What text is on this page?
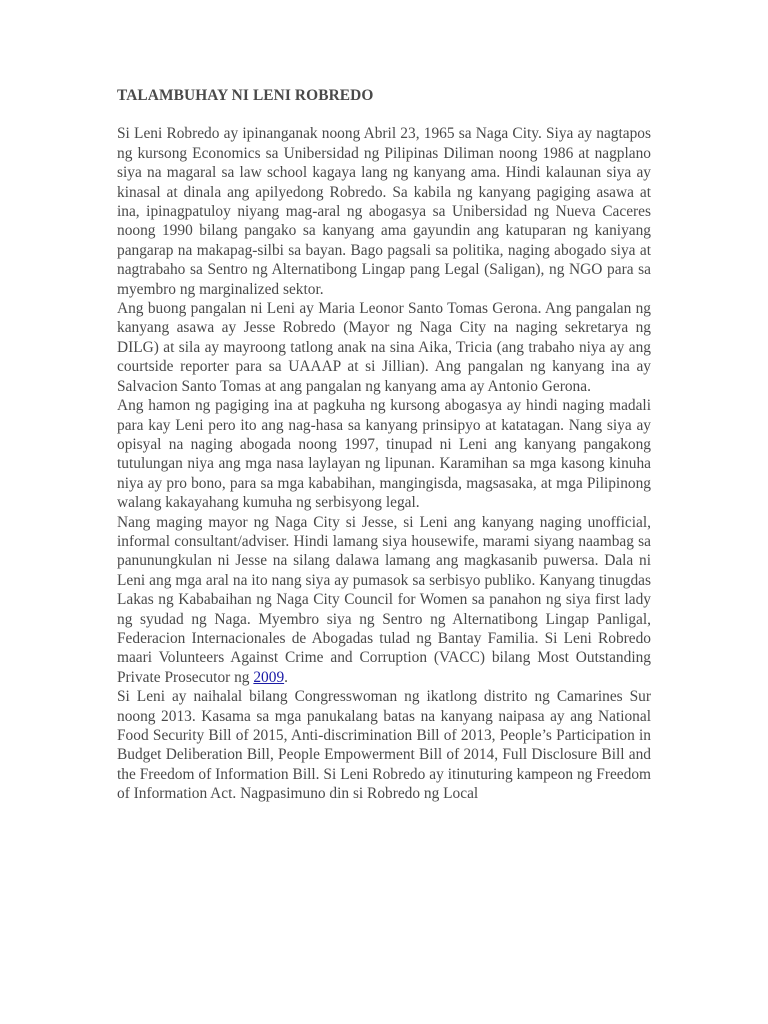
TALAMBUHAY NI LENI ROBREDO

Si Leni Robredo ay ipinanganak noong Abril 23, 1965 sa Naga City. Siya ay nagtapos ng kursong Economics sa Unibersidad ng Pilipinas Diliman noong 1986 at nagplano siya na magaral sa law school kagaya lang ng kanyang ama. Hindi kalaunan siya ay kinasal at dinala ang apilyedong Robredo. Sa kabila ng kanyang pagiging asawa at ina, ipinagpatuloy niyang mag-aral ng abogasya sa Unibersidad ng Nueva Caceres noong 1990 bilang pangako sa kanyang ama gayundin ang katuparan ng kaniyang pangarap na makapag-silbi sa bayan. Bago pagsali sa politika, naging abogado siya at nagtrabaho sa Sentro ng Alternatibong Lingap pang Legal (Saligan), ng NGO para sa myembro ng marginalized sektor.

Ang buong pangalan ni Leni ay Maria Leonor Santo Tomas Gerona. Ang pangalan ng kanyang asawa ay Jesse Robredo (Mayor ng Naga City na naging sekretarya ng DILG) at sila ay mayroong tatlong anak na sina Aika, Tricia (ang trabaho niya ay ang courtside reporter para sa UAAAP at si Jillian). Ang pangalan ng kanyang ina ay Salvacion Santo Tomas at ang pangalan ng kanyang ama ay Antonio Gerona.

Ang hamon ng pagiging ina at pagkuha ng kursong abogasya ay hindi naging madali para kay Leni pero ito ang nag-hasa sa kanyang prinsipyo at katatagan. Nang siya ay opisyal na naging abogada noong 1997, tinupad ni Leni ang kanyang pangakong tutulungan niya ang mga nasa laylayan ng lipunan. Karamihan sa mga kasong kinuha niya ay pro bono, para sa mga kababihan, mangingisda, magsasaka, at mga Pilipinong walang kakayahang kumuha ng serbisyong legal.

Nang maging mayor ng Naga City si Jesse, si Leni ang kanyang naging unofficial, informal consultant/adviser. Hindi lamang siya housewife, marami siyang naambag sa panunungkulan ni Jesse na silang dalawa lamang ang magkasanib puwersa. Dala ni Leni ang mga aral na ito nang siya ay pumasok sa serbisyo publiko. Kanyang tinugdas Lakas ng Kababaihan ng Naga City Council for Women sa panahon ng siya first lady ng syudad ng Naga. Myembro siya ng Sentro ng Alternatibong Lingap Panligal, Federacion Internacionales de Abogadas tulad ng Bantay Familia. Si Leni Robredo maari Volunteers Against Crime and Corruption (VACC) bilang Most Outstanding Private Prosecutor ng 2009.

Si Leni ay naihalal bilang Congresswoman ng ikatlong distrito ng Camarines Sur noong 2013. Kasama sa mga panukalang batas na kanyang naipasa ay ang National Food Security Bill of 2015, Anti-discrimination Bill of 2013, People’s Participation in Budget Deliberation Bill, People Empowerment Bill of 2014, Full Disclosure Bill and the Freedom of Information Bill. Si Leni Robredo ay itinuturing kampeon ng Freedom of Information Act. Nagpasimuno din si Robredo ng Local
